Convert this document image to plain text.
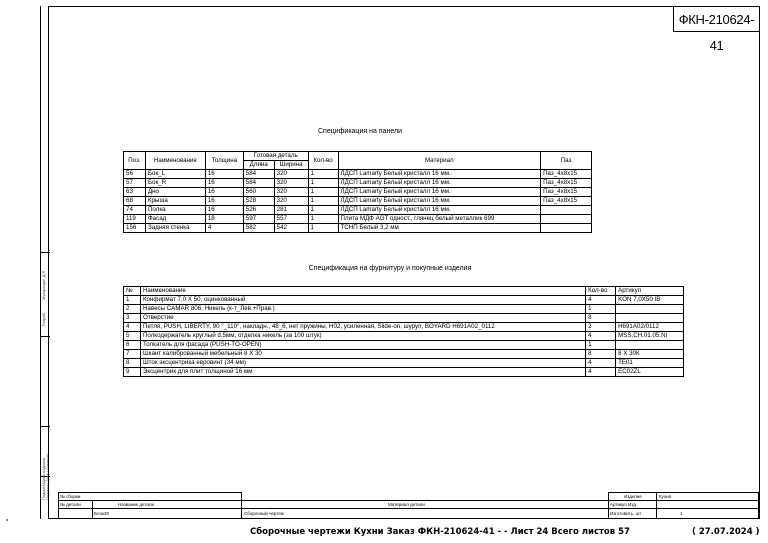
Разраб.
Мухарыцин Д.Р.
Подпись/Дата подписи Подпись/ Дата / Отметки
ФКН-210624-41
Спецификация на панели
Поз.	Наименование	Толщина	Готовая деталь		Кол-во	Материал	Паз
			Длина	Ширина			
56	Бок_L	16	584	320	1	ЛДСП Lamarty Белый кристалл 16 мм.	Паз_4х8х15
57	Бок_R	16	584	320	1	ЛДСП Lamarty Белый кристалл 16 мм.	Паз_4х8х15
63	Дно	16	560	320	1	ЛДСП Lamarty Белый кристалл 16 мм.	Паз_4х8х15
68	Крыша	16	528	320	1	ЛДСП Lamarty Белый кристалл 16 мм.	Паз_4х8х15
74	Полка	16	526	281	1	ЛДСП Lamarty Белый кристалл 16 мм.	
119	Фасад	18	597	557	1	Плита МДФ AGT одност., глянец белый металлик 699	
156	Задняя стенка	4	582	542	1	ТСНП Белый 3,2 мм	
Спецификация на фурнитуру и покупные изделия
№	Наименование	Кол-во	Артикул
1	Конфирмат 7,0 Х 50, оцинкованный	4	KON 7,0X50 IB
2	Навесы CAMAR 806, Никель (к-т_Лев.+Прав.)	1	
3	Отверстие	8	
4	Петля, PUSH, LIBERTY, 90 °_110°, накладн., 48_6, нет пружины, Н02, усиленная, Slide-on, шуруп, BOYARD H691A02_0112	2	H691A02/0112
5	Полкодержатель круглый d.5мм, отделка никель (за 100 штук)	4	MSS.CH.01.05.NI
6	Толкатель для фасада (PUSH-TO-OPEN)	1	
7	Шкант калиброванный мебельный 8 Х 30	8	8 Х 30К
8	Шток эксцентрика евровинт (34 мм)	4	TE01
9	Эксцентрик для плит толщиной 16 мм	4	EC02ZL
№ сборки
№ детали	Название детали	Материал детали
Блок20	Сборочный чертеж
Изделие	Кухня
Артикул Изд.
Изготовить, шт	1
Сборочные чертежи Кухни Заказ ФКН-210624-41 - - Лист 24 Всего листов 57	( 27.07.2024 )
